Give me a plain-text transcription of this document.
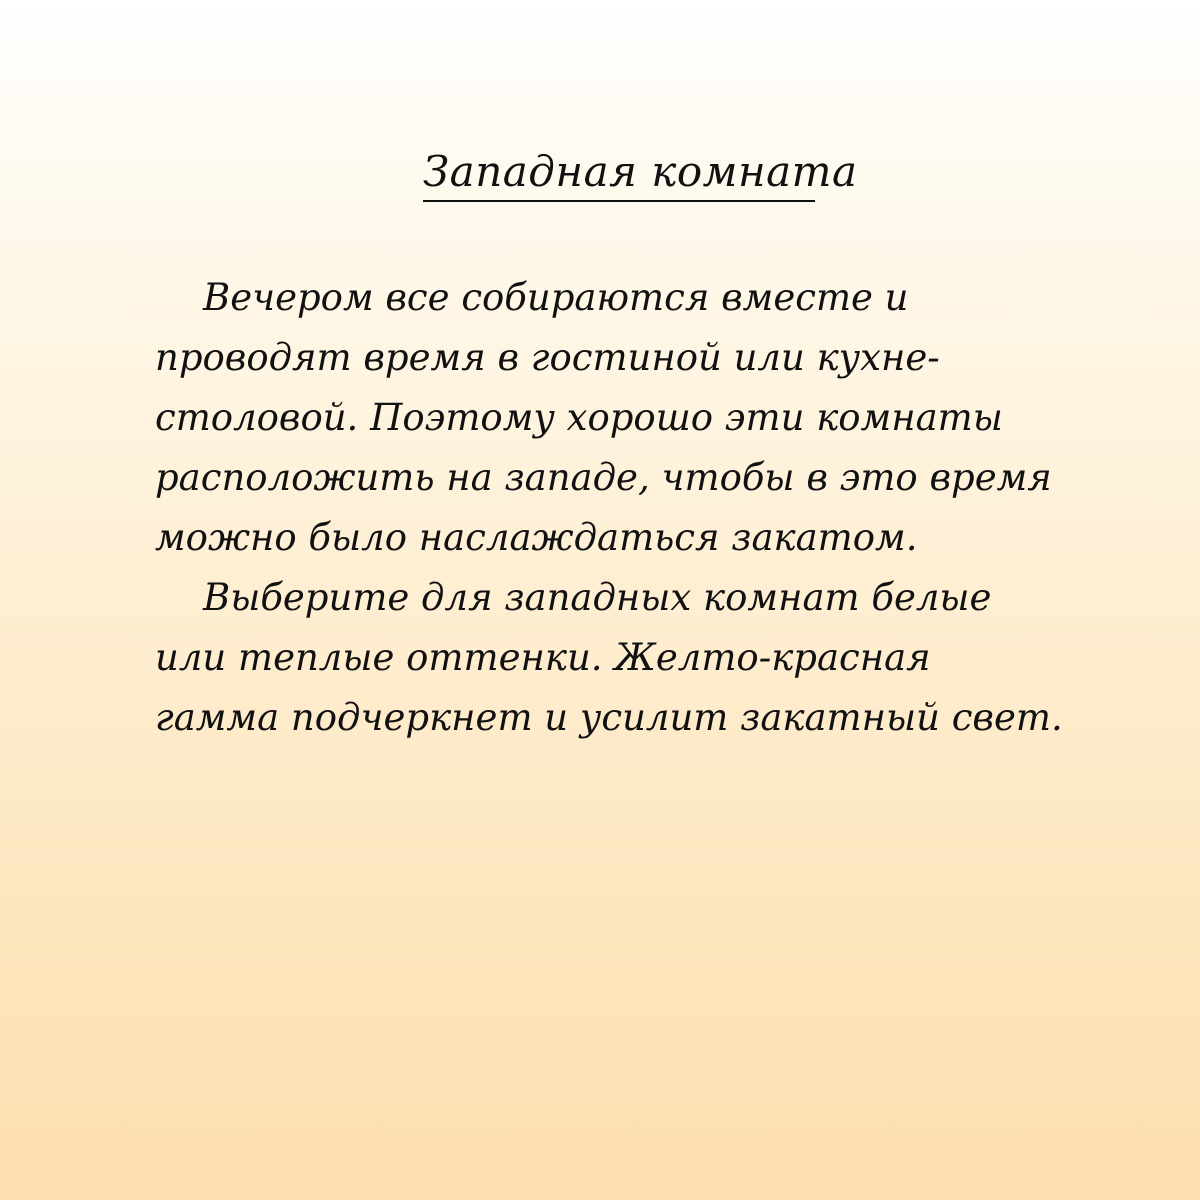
Западная комната

Вечером все собираются вместе и проводят время в гостиной или кухне-столовой. Поэтому хорошо эти комнаты расположить на западе, чтобы в это время можно было наслаждаться закатом.

Выберите для западных комнат белые или теплые оттенки. Желто-красная гамма подчеркнет и усилит закатный свет.
